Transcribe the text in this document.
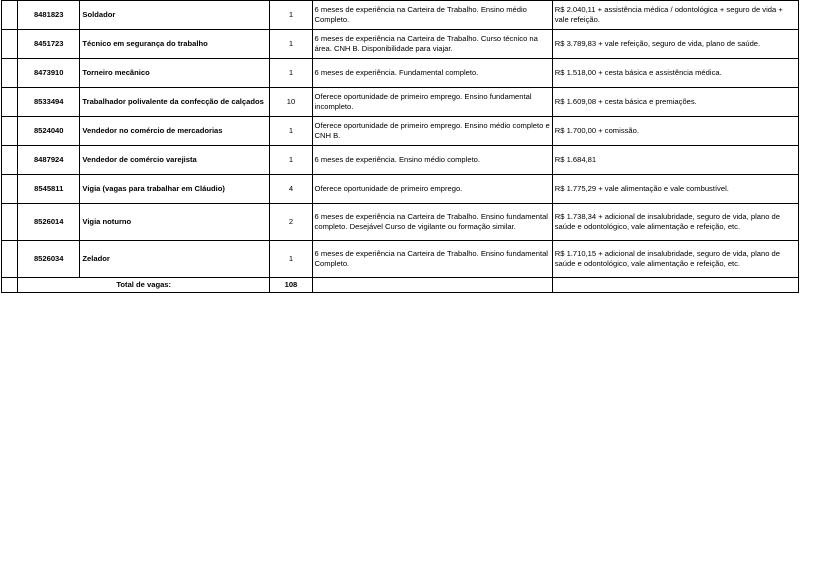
	8481823	Soldador	1	6 meses de experiência na Carteira de Trabalho. Ensino médio Completo.	R$ 2.040,11 + assistência médica / odontológica + seguro de vida + vale refeição.
	8451723	Técnico em segurança do trabalho	1	6 meses de experiência na Carteira de Trabalho. Curso técnico na área. CNH B. Disponibilidade para viajar.	R$ 3.789,83 + vale refeição, seguro de vida, plano de saúde.
	8473910	Torneiro mecânico	1	6 meses de experiência. Fundamental completo.	R$ 1.518,00 + cesta básica e assistência médica.
	8533494	Trabalhador polivalente da confecção de calçados	10	Oferece oportunidade de primeiro emprego. Ensino fundamental incompleto.	R$ 1.609,08 + cesta básica e premiações.
	8524040	Vendedor no comércio de mercadorias	1	Oferece oportunidade de primeiro emprego. Ensino médio completo e CNH B.	R$ 1.700,00 + comissão.
	8487924	Vendedor de comércio varejista	1	6 meses de experiência. Ensino médio completo.	R$ 1.684,81
	8545811	Vigia (vagas para trabalhar em Cláudio)	4	Oferece oportunidade de primeiro emprego.	R$ 1.775,29 + vale alimentação e vale combustível.
	8526014	Vigia noturno	2	6 meses de experiência na Carteira de Trabalho. Ensino fundamental completo. Desejável Curso de vigilante ou formação similar.	R$ 1.738,34 + adicional de insalubridade, seguro de vida, plano de saúde e odontológico, vale alimentação e refeição, etc.
	8526034	Zelador	1	6 meses de experiência na Carteira de Trabalho. Ensino fundamental Completo.	R$ 1.710,15 + adicional de insalubridade, seguro de vida, plano de saúde e odontológico, vale alimentação e refeição, etc.
	Total de vagas:		108		
